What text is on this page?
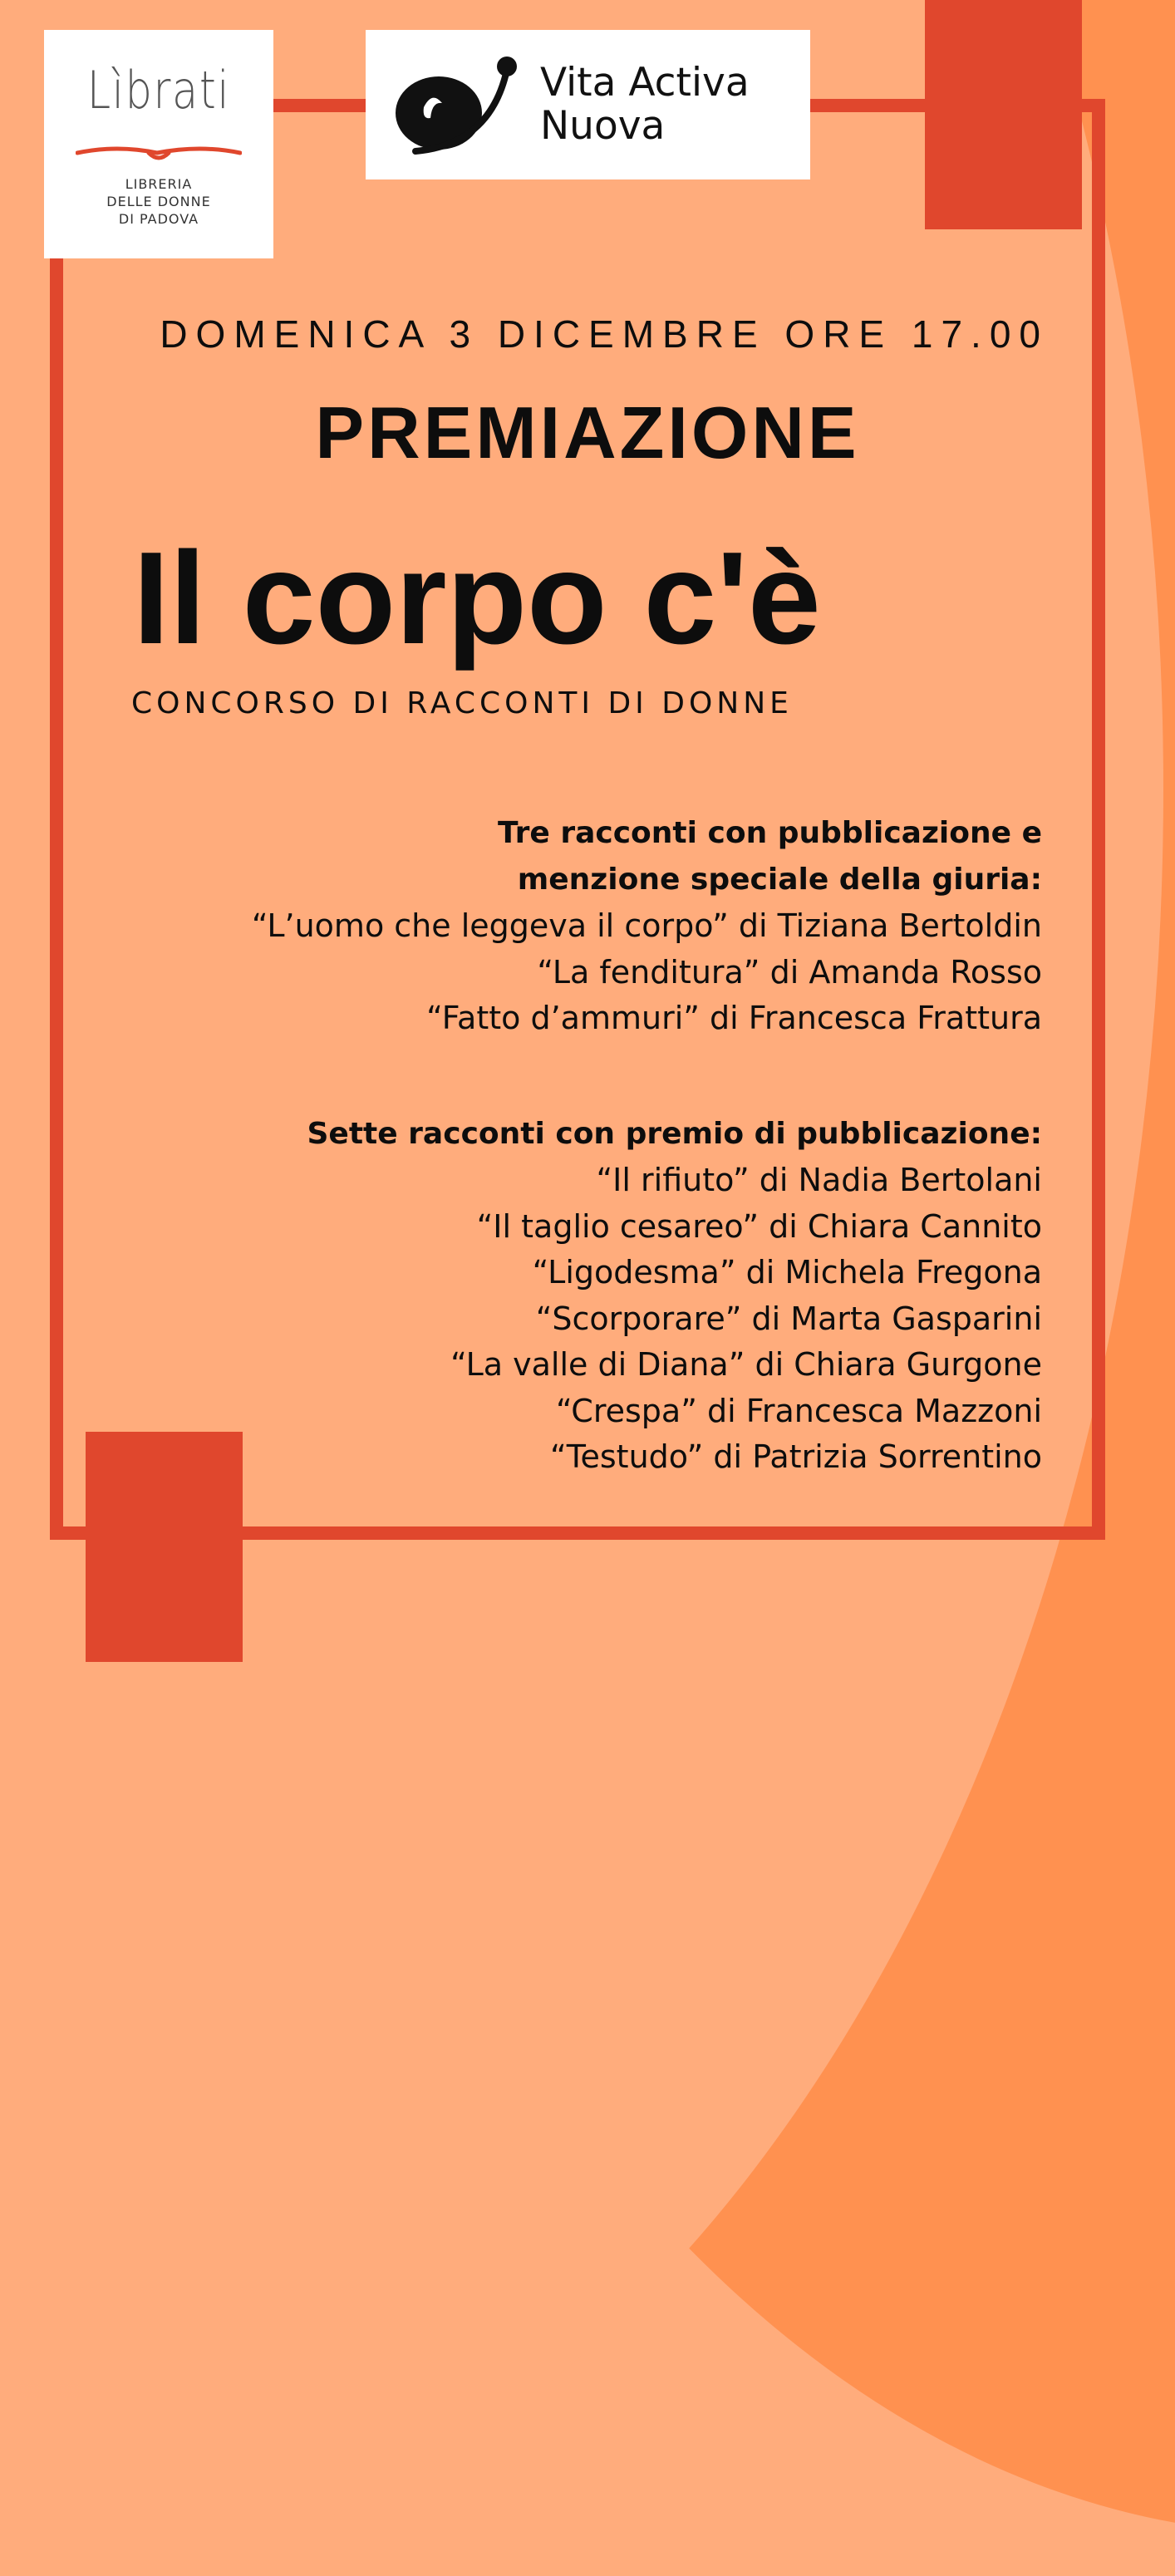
Lìbrati
LIBRERIA
DELLE DONNE
DI PADOVA
Vita Activa
Nuova
DOMENICA 3 DICEMBRE ORE 17.00
PREMIAZIONE
Il corpo c'è
CONCORSO DI RACCONTI DI DONNE
Tre racconti con pubblicazione e
menzione speciale della giuria:
“L’uomo che leggeva il corpo” di Tiziana Bertoldin
“La fenditura” di Amanda Rosso
“Fatto d’ammuri” di Francesca Frattura
Sette racconti con premio di pubblicazione:
“Il rifiuto” di Nadia Bertolani
“Il taglio cesareo” di Chiara Cannito
“Ligodesma” di Michela Fregona
“Scorporare” di Marta Gasparini
“La valle di Diana” di Chiara Gurgone
“Crespa” di Francesca Mazzoni
“Testudo” di Patrizia Sorrentino
